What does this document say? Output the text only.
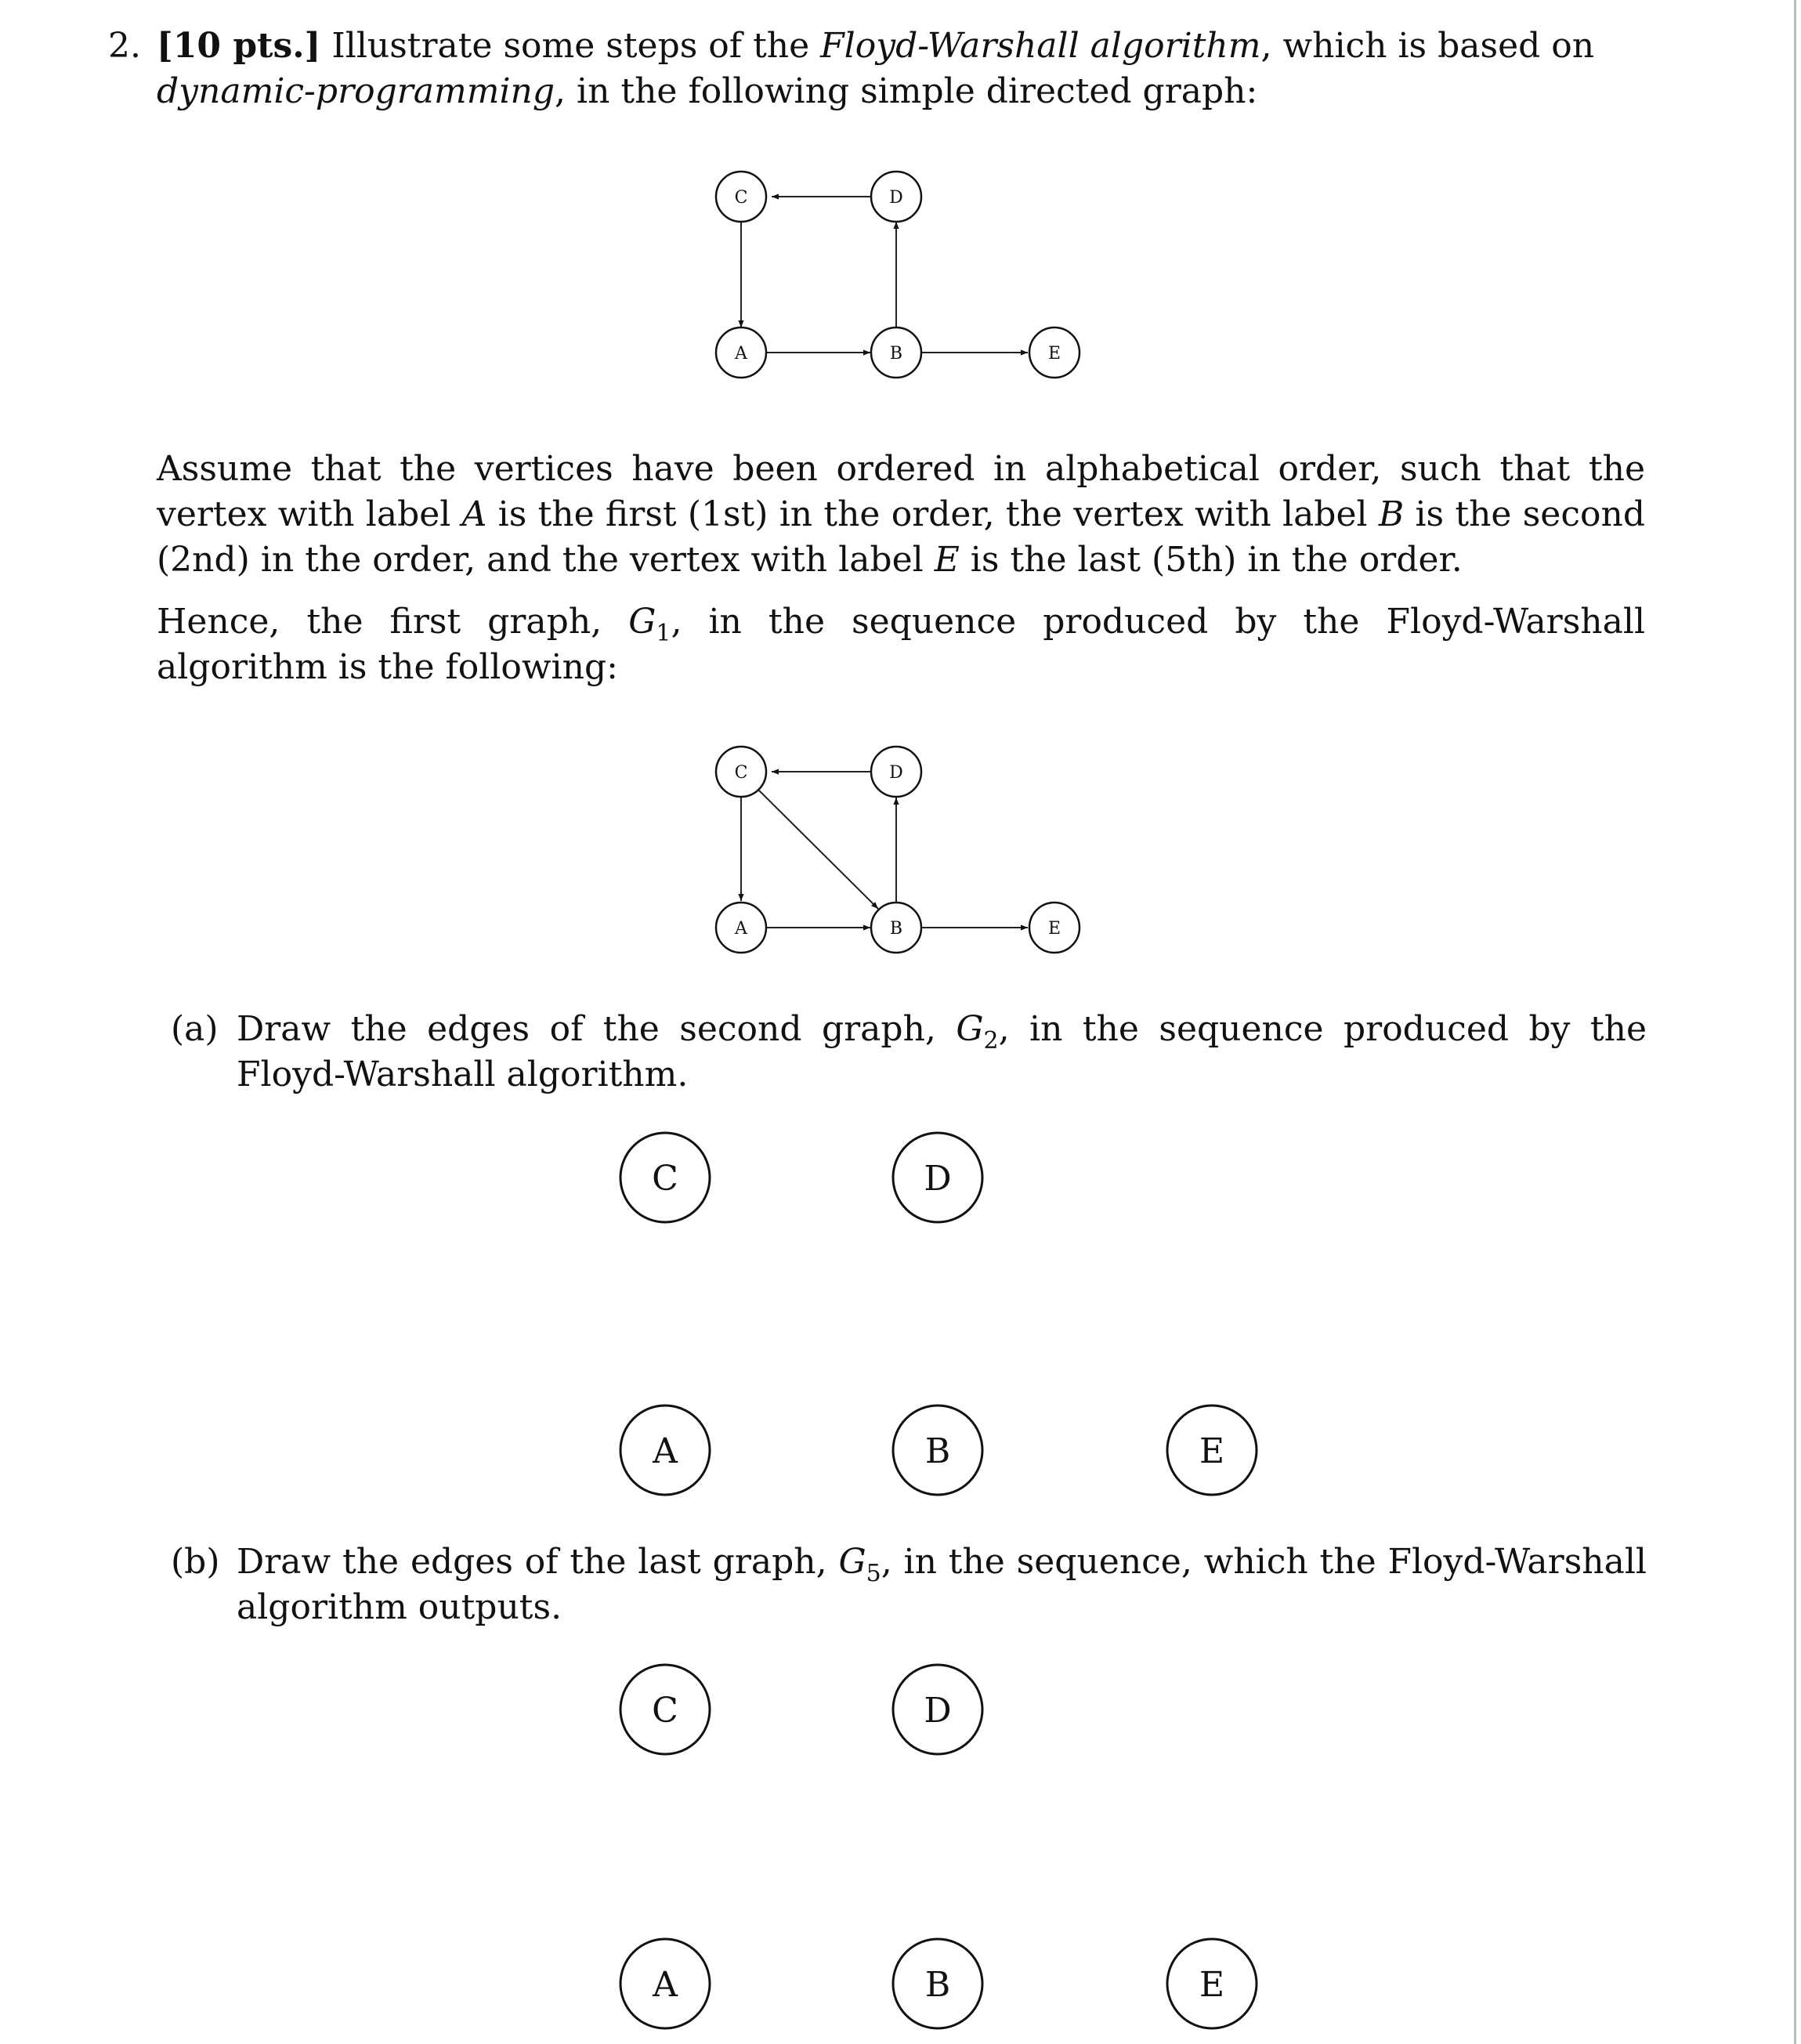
2. [10 pts.] Illustrate some steps of the Floyd-Warshall algorithm, which is based on dynamic-programming, in the following simple directed graph:
C	D
A	B	E
C	D
A	B	E
C	D
A	B	E
C	D
A	B	E
Assume that the vertices have been ordered in alphabetical order, such that the vertex with label A is the first (1st) in the order, the vertex with label B is the second (2nd) in the order, and the vertex with label E is the last (5th) in the order.
Hence, the first graph, $G_1$, in the sequence produced by the Floyd-Warshall algorithm is the following:
(a) Draw the edges of the second graph, $G_2$, in the sequence produced by the Floyd-Warshall algorithm.
(b) Draw the edges of the last graph, $G_5$, in the sequence, which the Floyd-Warshall algorithm outputs.
